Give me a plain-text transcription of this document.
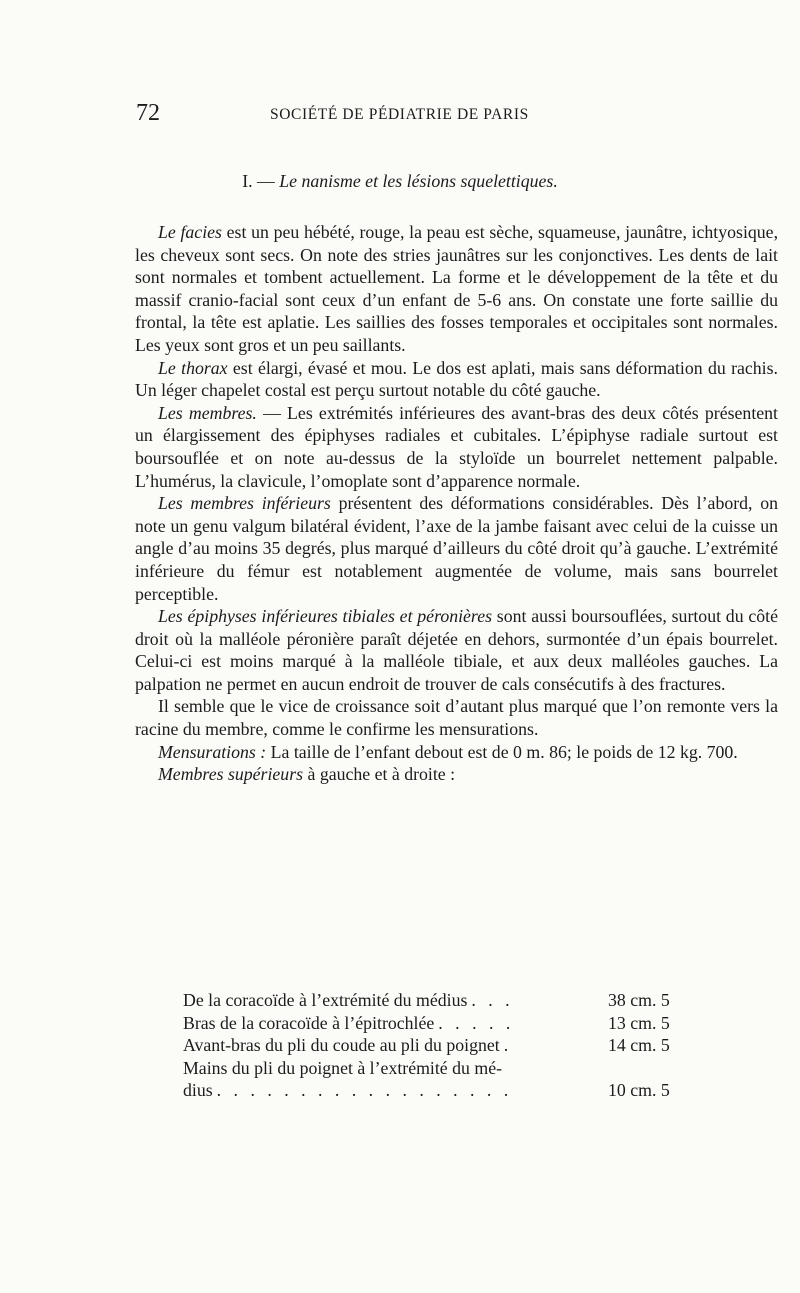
72	SOCIÉTÉ DE PÉDIATRIE DE PARIS
I. — Le nanisme et les lésions squelettiques.

Le facies est un peu hébété, rouge, la peau est sèche, squameuse, jaunâtre, ichtyosique, les cheveux sont secs. On note des stries jaunâtres sur les conjonctives. Les dents de lait sont normales et tombent actuellement. La forme et le développement de la tête et du massif cranio-facial sont ceux d’un enfant de 5-6 ans. On constate une forte saillie du frontal, la tête est aplatie. Les saillies des fosses temporales et occipitales sont normales. Les yeux sont gros et un peu saillants.

Le thorax est élargi, évasé et mou. Le dos est aplati, mais sans déformation du rachis. Un léger chapelet costal est perçu surtout notable du côté gauche.

Les membres. — Les extrémités inférieures des avant-bras des deux côtés présentent un élargissement des épiphyses radiales et cubitales. L’épiphyse radiale surtout est boursouflée et on note au-dessus de la styloïde un bourrelet nettement palpable. L’humérus, la clavicule, l’omoplate sont d’apparence normale.

Les membres inférieurs présentent des déformations considérables. Dès l’abord, on note un genu valgum bilatéral évident, l’axe de la jambe faisant avec celui de la cuisse un angle d’au moins 35 degrés, plus marqué d’ailleurs du côté droit qu’à gauche. L’extrémité inférieure du fémur est notablement augmentée de volume, mais sans bourrelet perceptible.

Les épiphyses inférieures tibiales et péronières sont aussi boursouflées, surtout du côté droit où la malléole péronière paraît déjetée en dehors, surmontée d’un épais bourrelet. Celui-ci est moins marqué à la malléole tibiale, et aux deux malléoles gauches. La palpation ne permet en aucun endroit de trouver de cals consécutifs à des fractures.

Il semble que le vice de croissance soit d’autant plus marqué que l’on remonte vers la racine du membre, comme le confirme les mensurations.

Mensurations : La taille de l’enfant debout est de 0 m. 86; le poids de 12 kg. 700.

Membres supérieurs à gauche et à droite :

De la coracoïde à l’extrémité du médius . . .	38 cm. 5
Bras de la coracoïde à l’épitrochlée . . . . .	13 cm. 5
Avant-bras du pli du coude au pli du poignet .	14 cm. 5
Mains du pli du poignet à l’extrémité du mé-
dius . . . . . . . . . . . . . . . . . .	10 cm. 5
